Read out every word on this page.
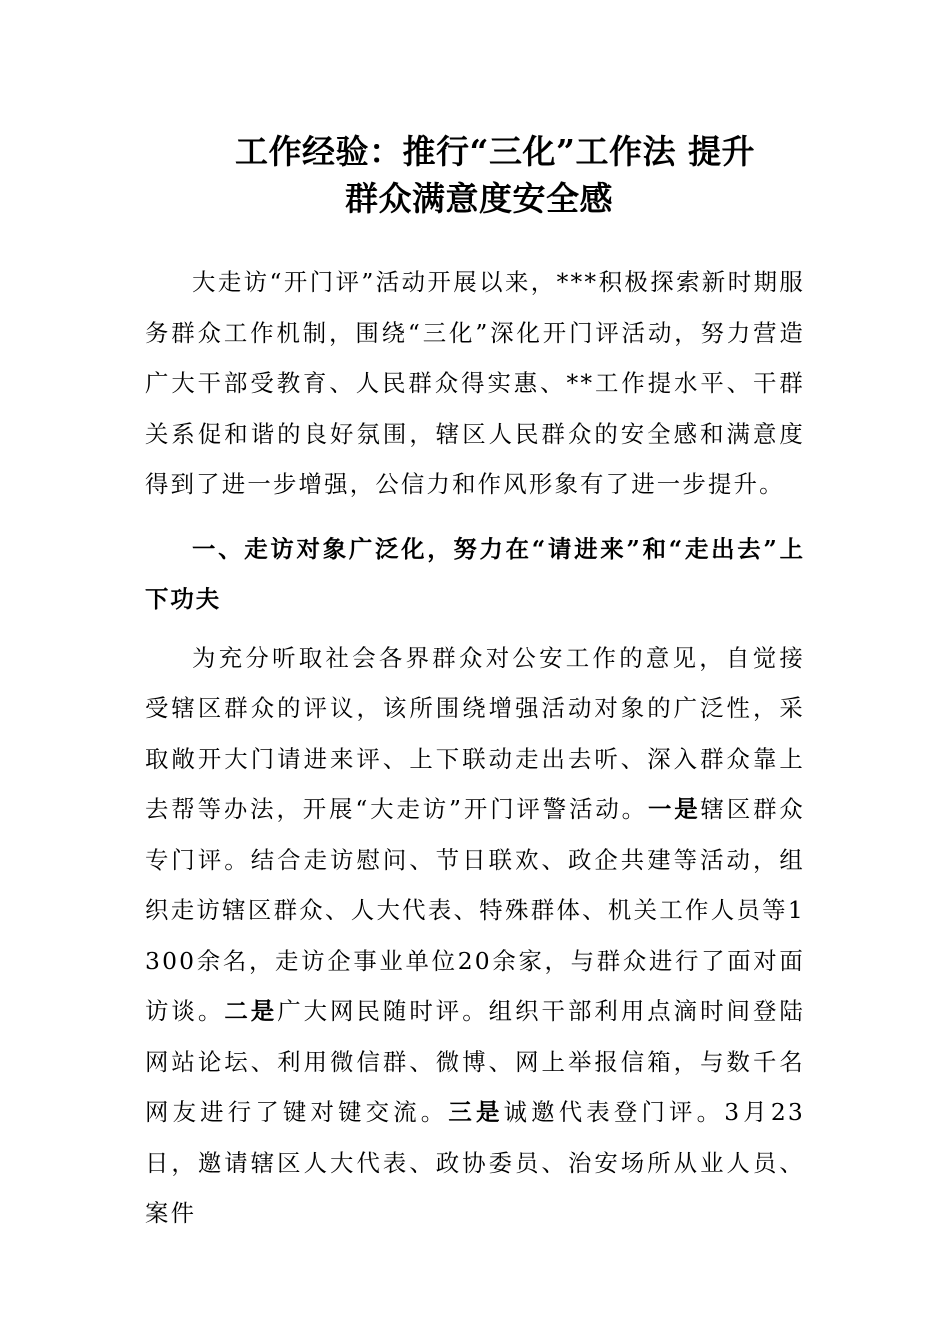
工作经验：推行“三化”工作法 提升
群众满意度安全感

大走访“开门评”活动开展以来，***积极探索新时期服务群众工作机制，围绕“三化”深化开门评活动，努力营造广大干部受教育、人民群众得实惠、**工作提水平、干群关系促和谐的良好氛围，辖区人民群众的安全感和满意度得到了进一步增强，公信力和作风形象有了进一步提升。

一、走访对象广泛化，努力在“请进来”和“走出去”上下功夫

为充分听取社会各界群众对公安工作的意见，自觉接受辖区群众的评议，该所围绕增强活动对象的广泛性，采取敞开大门请进来评、上下联动走出去听、深入群众靠上去帮等办法，开展“大走访”开门评警活动。一是辖区群众专门评。结合走访慰问、节日联欢、政企共建等活动，组织走访辖区群众、人大代表、特殊群体、机关工作人员等1300余名，走访企事业单位20余家，与群众进行了面对面访谈。二是广大网民随时评。组织干部利用点滴时间登陆网站论坛、利用微信群、微博、网上举报信箱，与数千名网友进行了键对键交流。三是诚邀代表登门评。3月23日，邀请辖区人大代表、政协委员、治安场所从业人员、案件
